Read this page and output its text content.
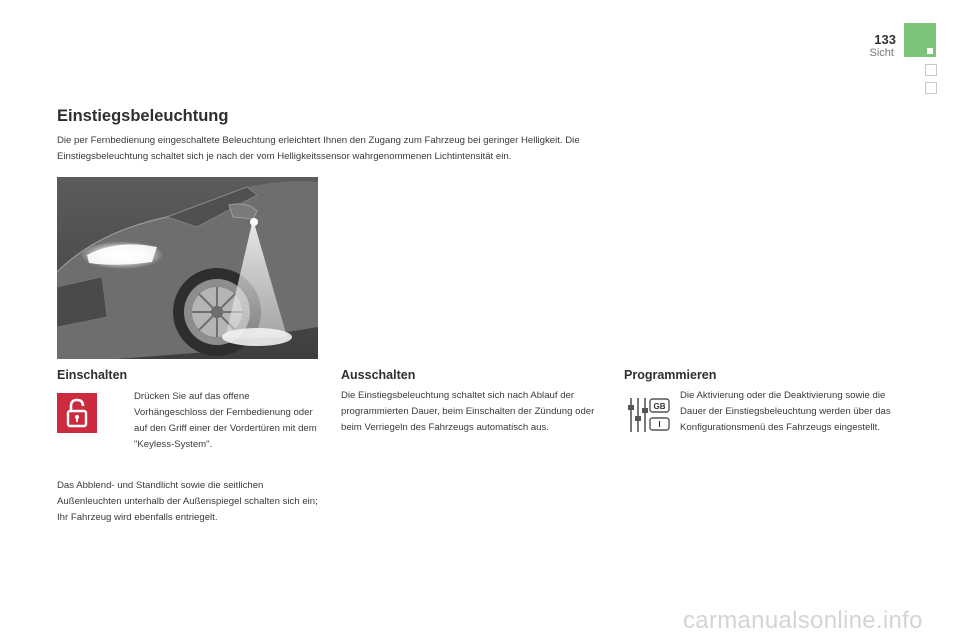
133
Sicht
Einstiegsbeleuchtung

Die per Fernbedienung eingeschaltete Beleuchtung erleichtert Ihnen den Zugang zum Fahrzeug bei geringer Helligkeit. Die Einstiegsbeleuchtung schaltet sich je nach der vom Helligkeitssensor wahrgenommenen Lichtintensität ein.

Einschalten

Drücken Sie auf das offene Vorhängeschloss der Fernbedienung oder auf den Griff einer der Vordertüren mit dem "Keyless-System".

Das Abblend- und Standlicht sowie die seitlichen Außenleuchten unterhalb der Außenspiegel schalten sich ein; Ihr Fahrzeug wird ebenfalls entriegelt.

Ausschalten

Die Einstiegsbeleuchtung schaltet sich nach Ablauf der programmierten Dauer, beim Einschalten der Zündung oder beim Verriegeln des Fahrzeugs automatisch aus.

Programmieren
GB
I

Die Aktivierung oder die Deaktivierung sowie die Dauer der Einstiegsbeleuchtung werden über das Konfigurationsmenü des Fahrzeugs eingestellt.

carmanualsonline.info
